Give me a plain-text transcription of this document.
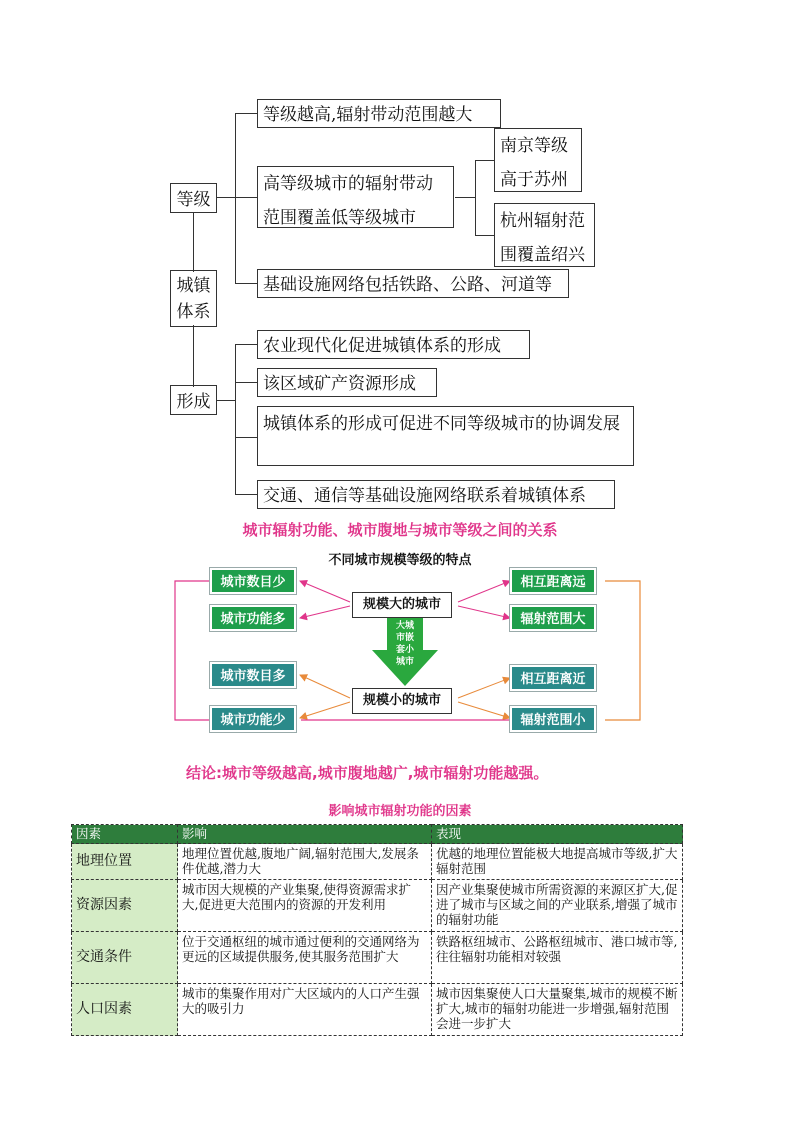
等级
城镇
体系
形成
等级越高,辐射带动范围越大
高等级城市的辐射带动范围覆盖低等级城市
基础设施网络包括铁路、公路、河道等
南京等级高于苏州
杭州辐射范围覆盖绍兴
农业现代化促进城镇体系的形成
该区域矿产资源形成
城镇体系的形成可促进不同等级城市的协调发展
交通、通信等基础设施网络联系着城镇体系
城市辐射功能、城市腹地与城市等级之间的关系
不同城市规模等级的特点
大城
市嵌
套小
城市
规模大的城市
规模小的城市
城市数目少
城市功能多
相互距离远
辐射范围大
城市数目多
城市功能少
相互距离近
辐射范围小
结论:城市等级越高,城市腹地越广,城市辐射功能越强。
影响城市辐射功能的因素
因素	影响	表现
地理位置	地理位置优越,腹地广阔,辐射范围大,发展条件优越,潜力大	优越的地理位置能极大地提高城市等级,扩大辐射范围
资源因素	城市因大规模的产业集聚,使得资源需求扩大,促进更大范围内的资源的开发利用	因产业集聚使城市所需资源的来源区扩大,促进了城市与区域之间的产业联系,增强了城市的辐射功能
交通条件	位于交通枢纽的城市通过便利的交通网络为更远的区域提供服务,使其服务范围扩大	铁路枢纽城市、公路枢纽城市、港口城市等,往往辐射功能相对较强
人口因素	城市的集聚作用对广大区域内的人口产生强大的吸引力	城市因集聚使人口大量聚集,城市的规模不断扩大,城市的辐射功能进一步增强,辐射范围会进一步扩大
